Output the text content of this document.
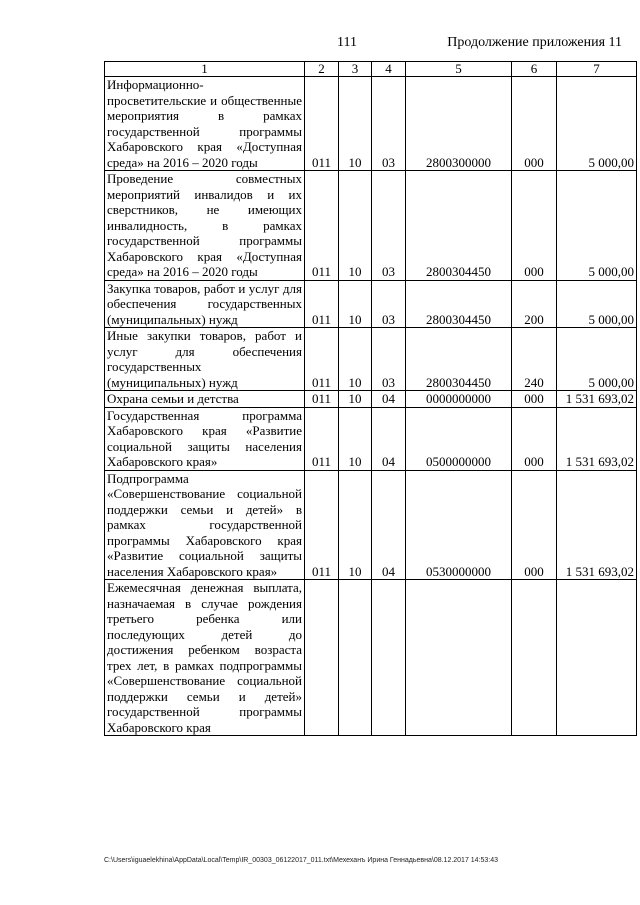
111	Продолжение приложения 11
1	2	3	4	5	6	7
Информационно-просветительские и общественные мероприятия в рамках государственной программы Хабаровского края «Доступная среда» на 2016 – 2020 годы	011	10	03	2800300000	000	5 000,00
Проведение совместных мероприятий инвалидов и их сверстников, не имеющих инвалидность, в рамках государственной программы Хабаровского края «Доступная среда» на 2016 – 2020 годы	011	10	03	2800304450	000	5 000,00
Закупка товаров, работ и услуг для обеспечения государственных (муниципальных) нужд	011	10	03	2800304450	200	5 000,00
Иные закупки товаров, работ и услуг для обеспечения государственных (муниципальных) нужд	011	10	03	2800304450	240	5 000,00
Охрана семьи и детства	011	10	04	0000000000	000	1 531 693,02
Государственная программа Хабаровского края «Развитие социальной защиты населения Хабаровского края»	011	10	04	0500000000	000	1 531 693,02
Подпрограмма «Совершенствование социальной поддержки семьи и детей» в рамках государственной программы Хабаровского края «Развитие социальной защиты населения Хабаровского края»	011	10	04	0530000000	000	1 531 693,02
Ежемесячная денежная выплата, назначаемая в случае рождения третьего ребенка или последующих детей до достижения ребенком возраста трех лет, в рамках подпрограммы «Совершенствование социальной поддержки семьи и детей» государственной программы Хабаровского края						
C:\Users\iguaelekhina\AppData\Local\Temp\IR_00303_06122017_011.txt\Мехеханъ Ирина Геннадьевна\08.12.2017 14:53:43
